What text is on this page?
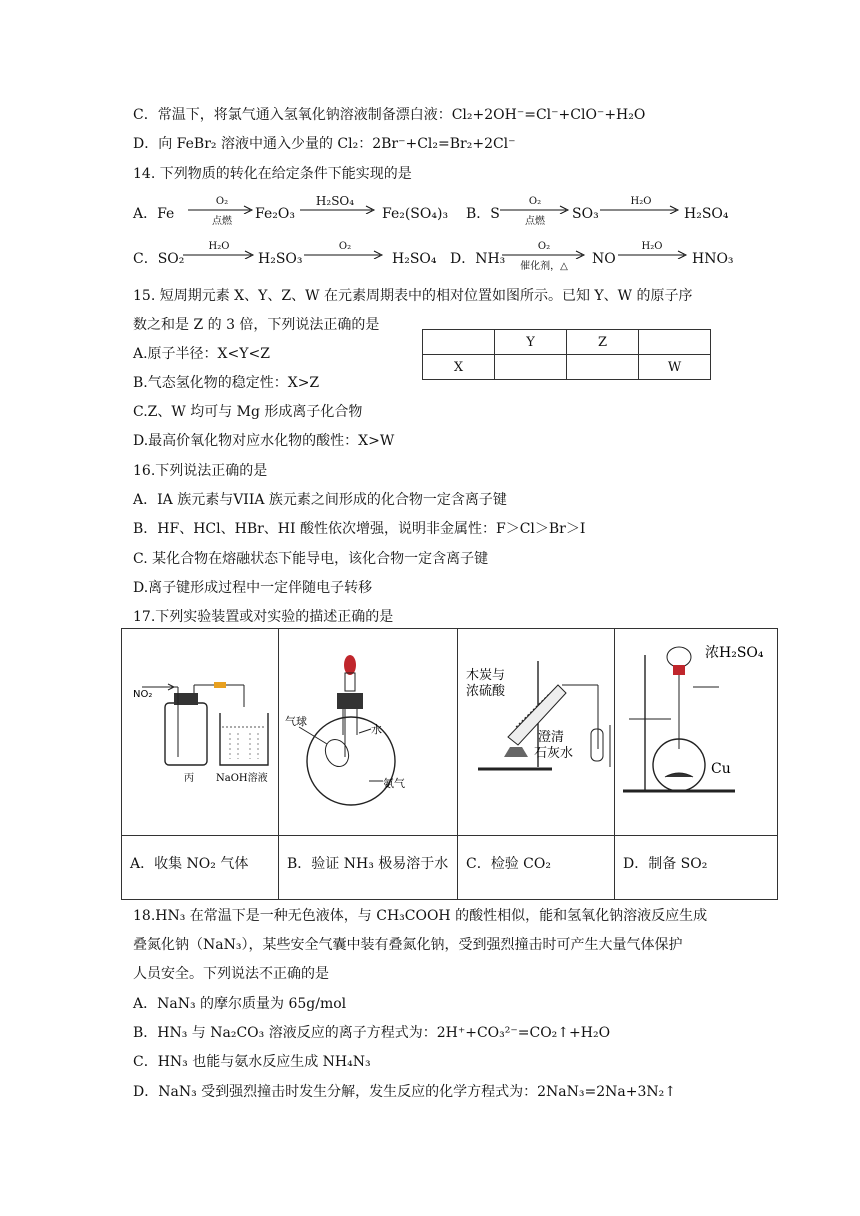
C．常温下，将氯气通入氢氧化钠溶液制备漂白液：Cl₂+2OH⁻=Cl⁻+ClO⁻+H₂O
D．向 FeBr₂ 溶液中通入少量的 Cl₂：2Br⁻+Cl₂=Br₂+2Cl⁻
14. 下列物质的转化在给定条件下能实现的是
A．Fe
O₂
点燃	Fe₂O₃
H₂SO₄
Fe₂(SO₄)₃ B．S
O₂
点燃	SO₃
H₂O
H₂SO₄
C．SO₂
H₂O
H₂SO₃
O₂
H₂SO₄ D．NH₃
O₂
催化剂，△	NO
H₂O
HNO₃
15. 短周期元素 X、Y、Z、W 在元素周期表中的相对位置如图所示。已知 Y、W 的原子序
数之和是 Z 的 3 倍，下列说法正确的是
	Y	Z	
X			W
A.原子半径：X<Y<Z
B.气态氢化物的稳定性：X>Z
C.Z、W 均可与 Mg 形成离子化合物
D.最高价氧化物对应水化物的酸性：X>W
16.下列说法正确的是
A．IA 族元素与VIIA 族元素之间形成的化合物一定含离子键
B．HF、HCl、HBr、HI 酸性依次增强，说明非金属性：F＞Cl＞Br＞I
C. 某化合物在熔融状态下能导电，该化合物一定含离子键
D.离子键形成过程中一定伴随电子转移
17.下列实验装置或对实验的描述正确的是
NO₂
丙 NaOH溶液
气球
水
氨气
木炭与
浓硫酸
澄清
石灰水
浓H₂SO₄
Cu
A．收集 NO₂ 气体	B．验证 NH₃ 极易溶于水 C．检验 CO₂	D．制备 SO₂
18.HN₃ 在常温下是一种无色液体，与 CH₃COOH 的酸性相似，能和氢氧化钠溶液反应生成
叠氮化钠（NaN₃），某些安全气囊中装有叠氮化钠，受到强烈撞击时可产生大量气体保护
人员安全。下列说法不正确的是
A．NaN₃ 的摩尔质量为 65g/mol
B．HN₃ 与 Na₂CO₃ 溶液反应的离子方程式为：2H⁺+CO₃²⁻=CO₂↑+H₂O
C．HN₃ 也能与氨水反应生成 NH₄N₃
D．NaN₃ 受到强烈撞击时发生分解，发生反应的化学方程式为：2NaN₃=2Na+3N₂↑
